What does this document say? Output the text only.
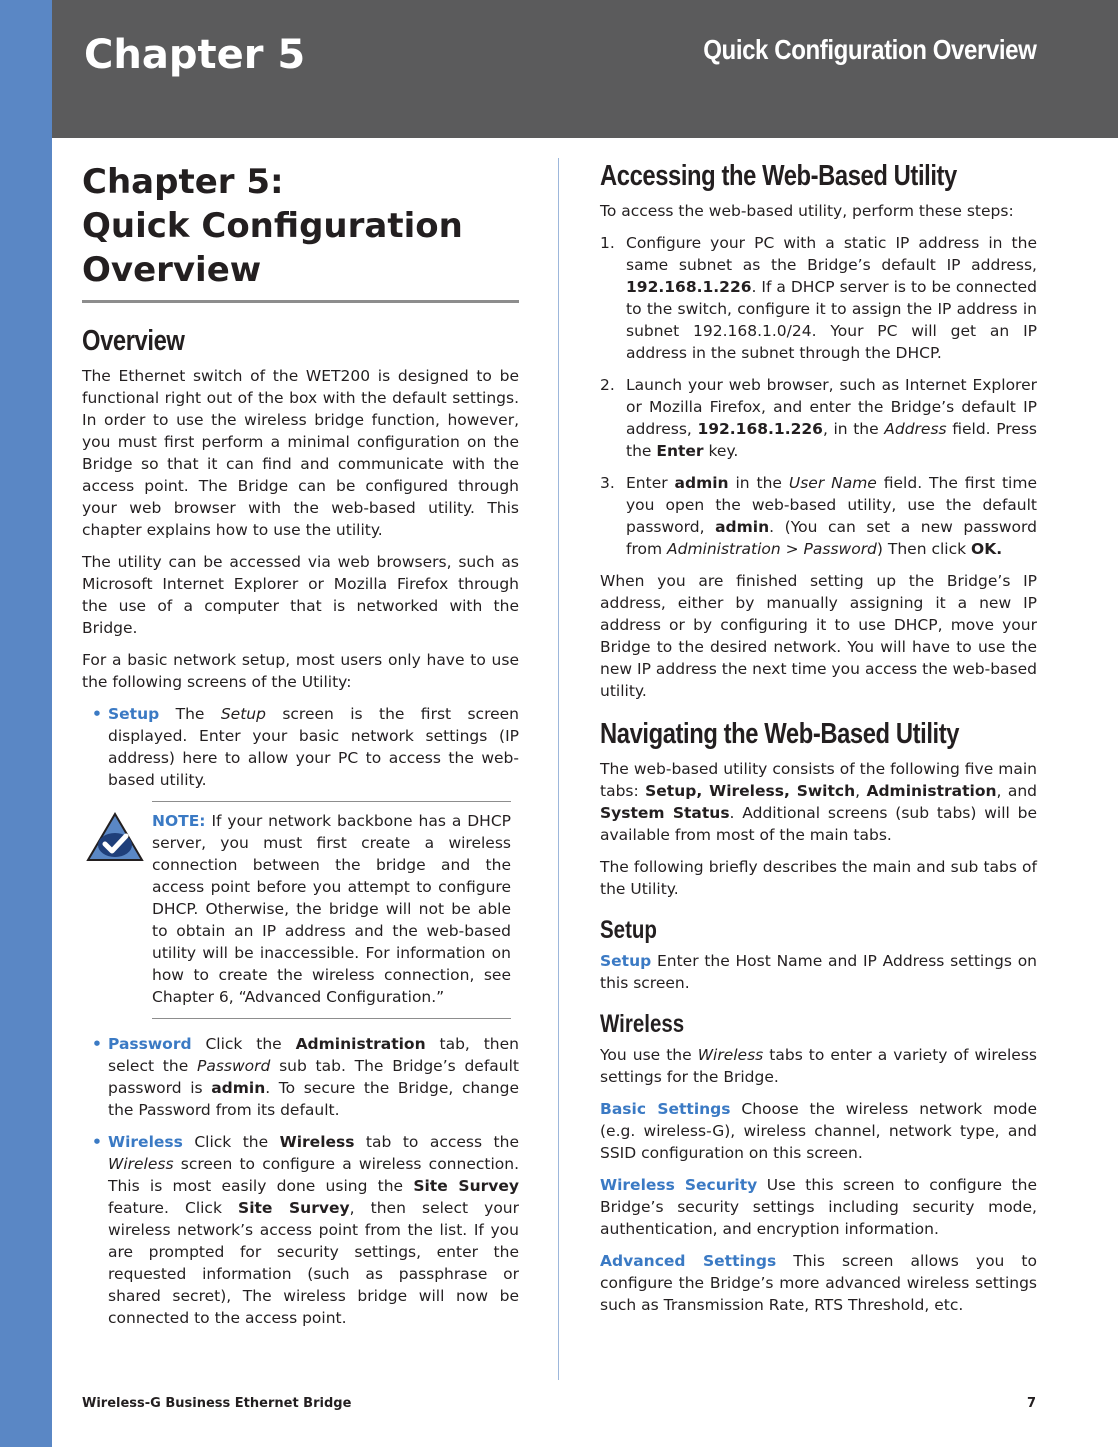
Chapter 5	Quick Configuration Overview
Chapter 5:
Quick Configuration
Overview
Overview

The Ethernet switch of the WET200 is designed to be functional right out of the box with the default settings. In order to use the wireless bridge function, however, you must first perform a minimal configuration on the Bridge so that it can find and communicate with the access point. The Bridge can be configured through your web browser with the web-based utility. This chapter explains how to use the utility.

The utility can be accessed via web browsers, such as Microsoft Internet Explorer or Mozilla Firefox through the use of a computer that is networked with the Bridge.

For a basic network setup, most users only have to use the following screens of the Utility:

• Setup The Setup screen is the first screen displayed. Enter your basic network settings (IP address) here to allow your PC to access the web-based utility.

NOTE: If your network backbone has a DHCP server, you must first create a wireless connection between the bridge and the access point before you attempt to configure DHCP. Otherwise, the bridge will not be able to obtain an IP address and the web-based utility will be inaccessible. For information on how to create the wireless connection, see Chapter 6, “Advanced Configuration.”

• Password Click the Administration tab, then select the Password sub tab. The Bridge’s default password is admin. To secure the Bridge, change the Password from its default.
• Wireless Click the Wireless tab to access the Wireless screen to configure a wireless connection. This is most easily done using the Site Survey feature. Click Site Survey, then select your wireless network’s access point from the list. If you are prompted for security settings, enter the requested information (such as passphrase or shared secret), The wireless bridge will now be connected to the access point.
Accessing the Web-Based Utility

To access the web-based utility, perform these steps:

1. Configure your PC with a static IP address in the same subnet as the Bridge’s default IP address, 192.168.1.226. If a DHCP server is to be connected to the switch, configure it to assign the IP address in subnet 192.168.1.0/24. Your PC will get an IP address in the subnet through the DHCP.
2. Launch your web browser, such as Internet Explorer or Mozilla Firefox, and enter the Bridge’s default IP address, 192.168.1.226, in the Address field. Press the Enter key.
3. Enter admin in the User Name field. The first time you open the web-based utility, use the default password, admin. (You can set a new password from Administration > Password) Then click OK.

When you are finished setting up the Bridge’s IP address, either by manually assigning it a new IP address or by configuring it to use DHCP, move your Bridge to the desired network. You will have to use the new IP address the next time you access the web-based utility.

Navigating the Web-Based Utility

The web-based utility consists of the following five main tabs: Setup, Wireless, Switch, Administration, and System Status. Additional screens (sub tabs) will be available from most of the main tabs.

The following briefly describes the main and sub tabs of the Utility.

Setup

Setup Enter the Host Name and IP Address settings on this screen.

Wireless

You use the Wireless tabs to enter a variety of wireless settings for the Bridge.

Basic Settings Choose the wireless network mode (e.g. wireless-G), wireless channel, network type, and SSID configuration on this screen.

Wireless Security Use this screen to configure the Bridge’s security settings including security mode, authentication, and encryption information.

Advanced Settings This screen allows you to configure the Bridge’s more advanced wireless settings such as Transmission Rate, RTS Threshold, etc.

Wireless-G Business Ethernet Bridge	7
